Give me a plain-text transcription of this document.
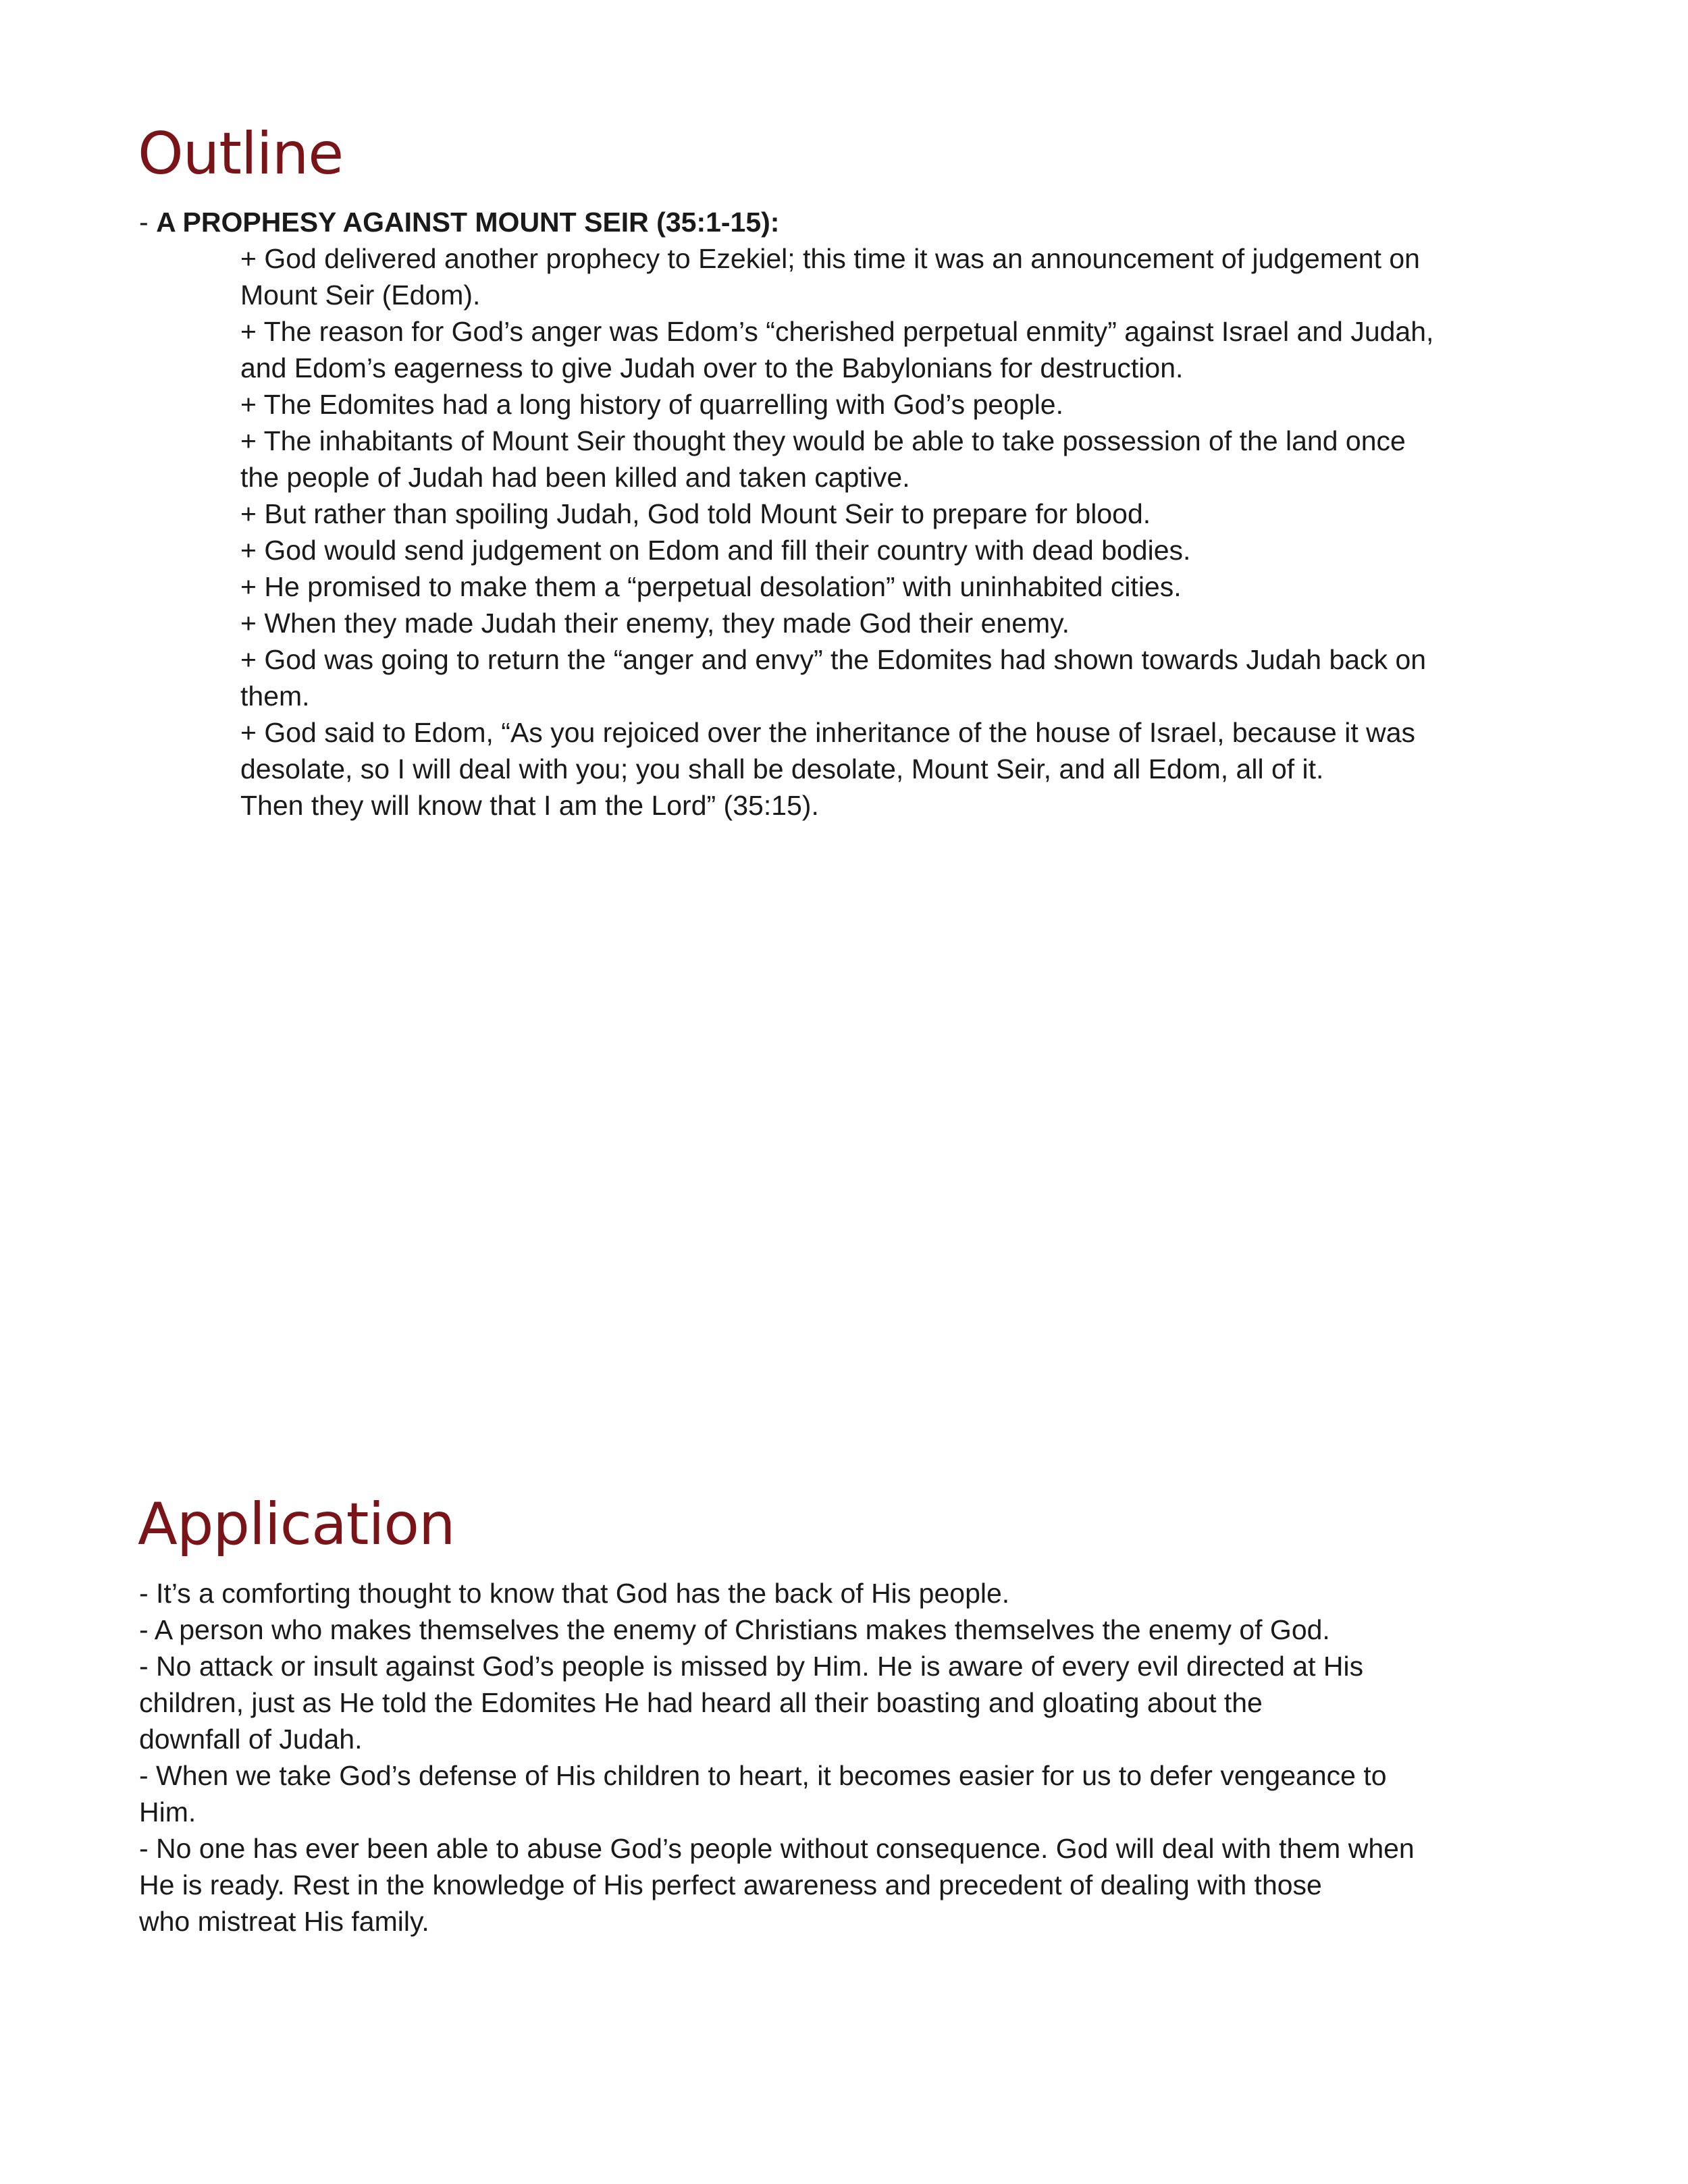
Outline
- A PROPHESY AGAINST MOUNT SEIR (35:1-15):
+ God delivered another prophecy to Ezekiel; this time it was an announcement of judgement on
Mount Seir (Edom).
+ The reason for God’s anger was Edom’s “cherished perpetual enmity” against Israel and Judah,
and Edom’s eagerness to give Judah over to the Babylonians for destruction.
+ The Edomites had a long history of quarrelling with God’s people.
+ The inhabitants of Mount Seir thought they would be able to take possession of the land once
the people of Judah had been killed and taken captive.
+ But rather than spoiling Judah, God told Mount Seir to prepare for blood.
+ God would send judgement on Edom and fill their country with dead bodies.
+ He promised to make them a “perpetual desolation” with uninhabited cities.
+ When they made Judah their enemy, they made God their enemy.
+ God was going to return the “anger and envy” the Edomites had shown towards Judah back on
them.
+ God said to Edom, “As you rejoiced over the inheritance of the house of Israel, because it was
desolate, so I will deal with you; you shall be desolate, Mount Seir, and all Edom, all of it.
Then they will know that I am the Lord” (35:15).
Application
- It’s a comforting thought to know that God has the back of His people.
- A person who makes themselves the enemy of Christians makes themselves the enemy of God.
- No attack or insult against God’s people is missed by Him. He is aware of every evil directed at His
children, just as He told the Edomites He had heard all their boasting and gloating about the
downfall of Judah.
- When we take God’s defense of His children to heart, it becomes easier for us to defer vengeance to
Him.
- No one has ever been able to abuse God’s people without consequence. God will deal with them when
He is ready. Rest in the knowledge of His perfect awareness and precedent of dealing with those
who mistreat His family.
